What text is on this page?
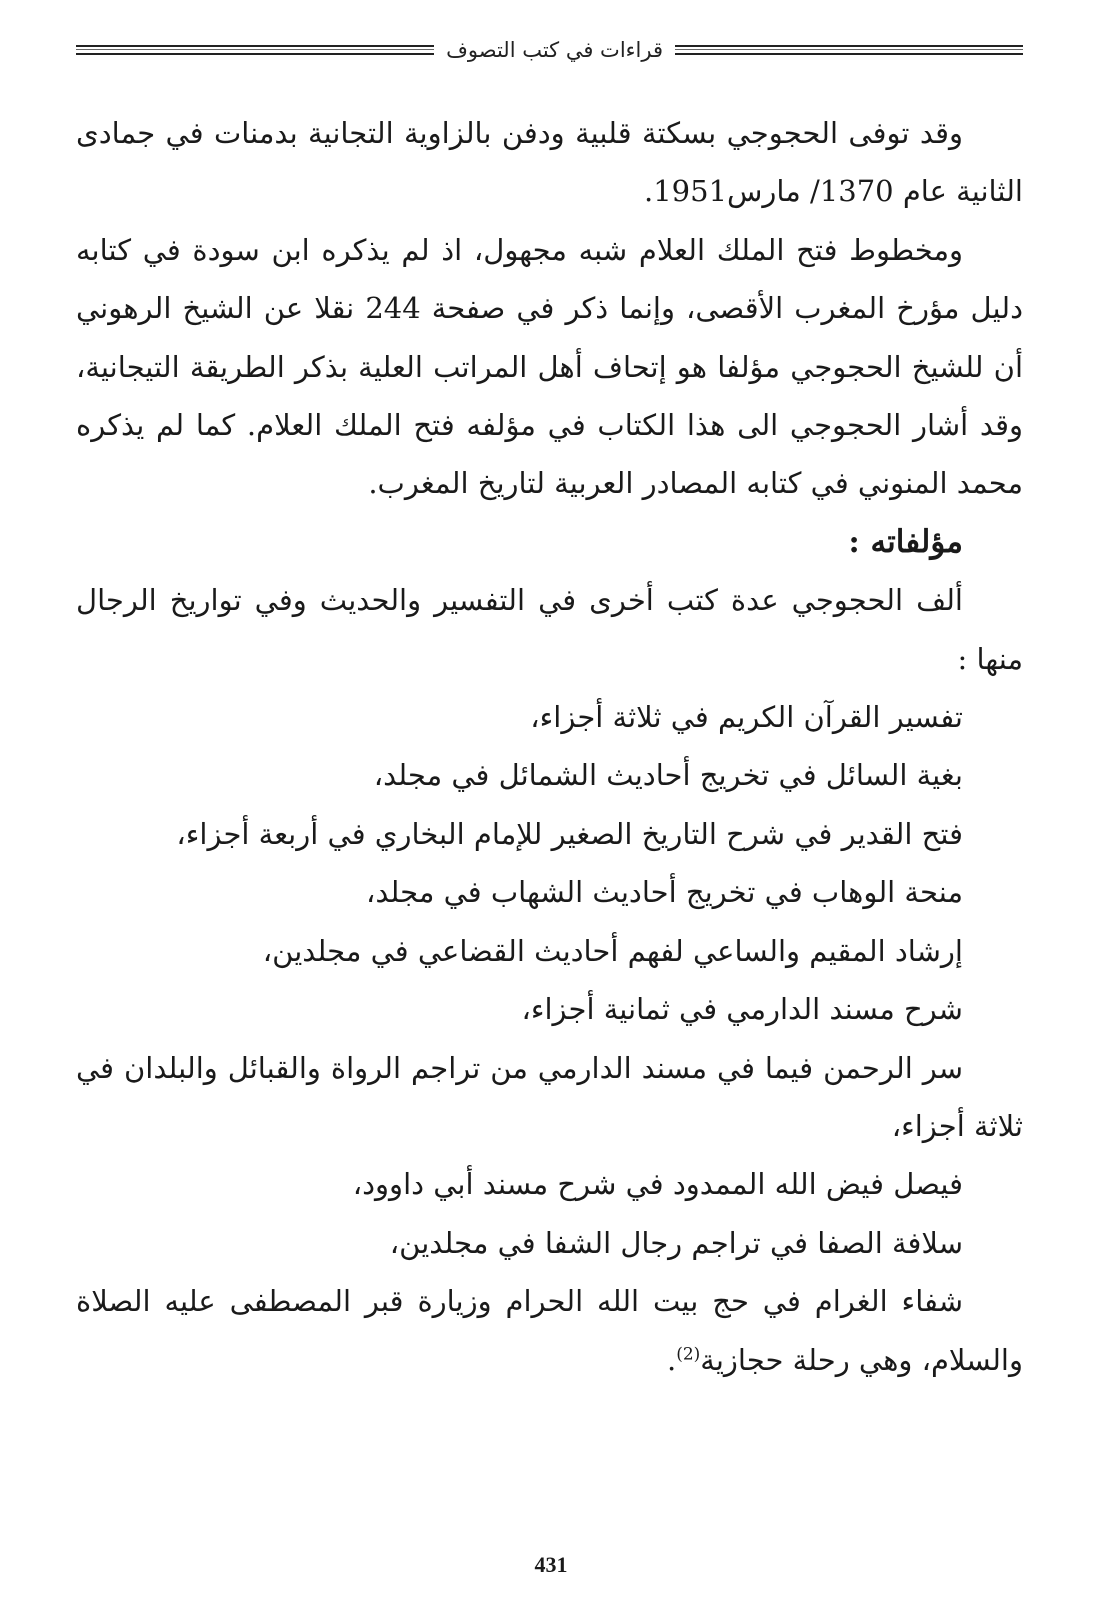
قراءات في كتب التصوف

وقد توفى الحجوجي بسكتة قلبية ودفن بالزاوية التجانية بدمنات في جمادى الثانية عام 1370/ مارس1951.

ومخطوط فتح الملك العلام شبه مجهول، اذ لم يذكره ابن سودة في كتابه دليل مؤرخ المغرب الأقصى، وإنما ذكر في صفحة 244 نقلا عن الشيخ الرهوني أن للشيخ الحجوجي مؤلفا هو إتحاف أهل المراتب العلية بذكر الطريقة التيجانية، وقد أشار الحجوجي الى هذا الكتاب في مؤلفه فتح الملك العلام. كما لم يذكره محمد المنوني في كتابه المصادر العربية لتاريخ المغرب.

مؤلفاته :

ألف الحجوجي عدة كتب أخرى في التفسير والحديث وفي تواريخ الرجال منها :

تفسير القرآن الكريم في ثلاثة أجزاء،

بغية السائل في تخريج أحاديث الشمائل في مجلد،

فتح القدير في شرح التاريخ الصغير للإمام البخاري في أربعة أجزاء،

منحة الوهاب في تخريج أحاديث الشهاب في مجلد،

إرشاد المقيم والساعي لفهم أحاديث القضاعي في مجلدين،

شرح مسند الدارمي في ثمانية أجزاء،

سر الرحمن فيما في مسند الدارمي من تراجم الرواة والقبائل والبلدان في ثلاثة أجزاء،

فيصل فيض الله الممدود في شرح مسند أبي داوود،

سلافة الصفا في تراجم رجال الشفا في مجلدين،

شفاء الغرام في حج بيت الله الحرام وزيارة قبر المصطفى عليه الصلاة والسلام، وهي رحلة حجازية$^{(2)}$.

431
